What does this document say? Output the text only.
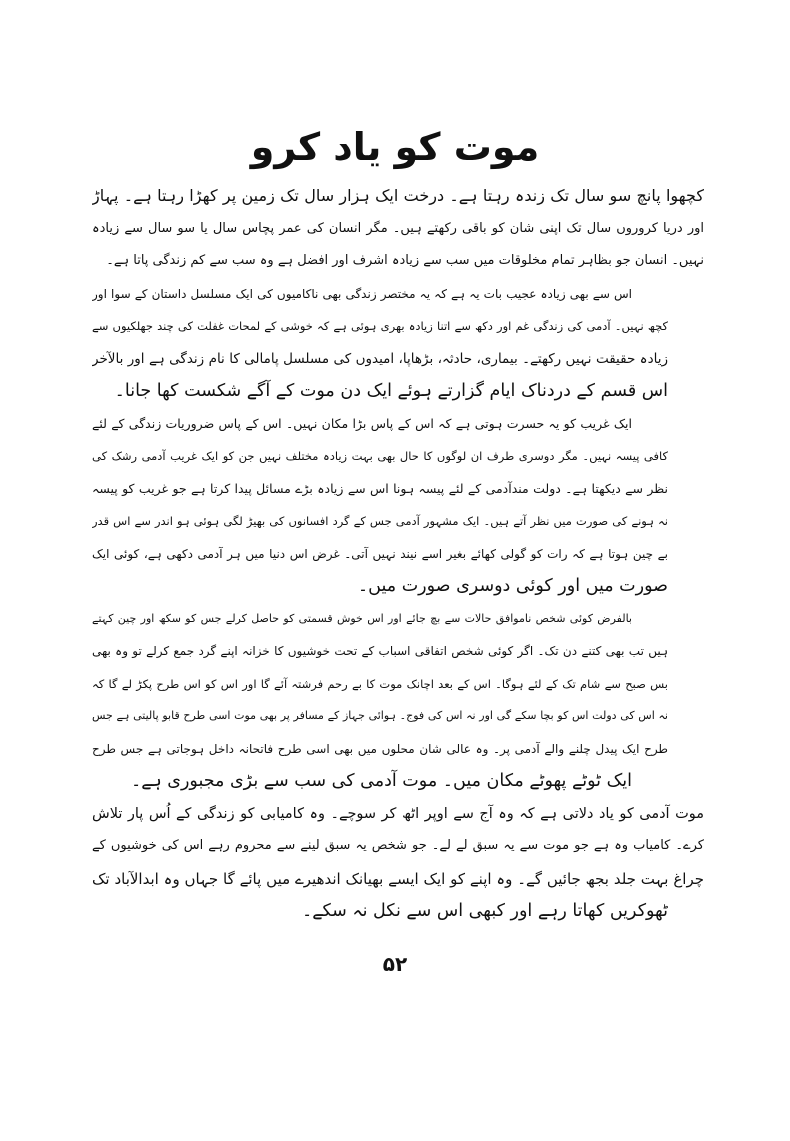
موت کو یاد کرو
کچھوا پانچ سو سال تک زندہ رہتا ہے۔ درخت ایک ہزار سال تک زمین پر کھڑا رہتا ہے۔ پہاڑ
اور دریا کروروں سال تک اپنی شان کو باقی رکھتے ہیں۔ مگر انسان کی عمر پچاس سال یا سو سال سے زیادہ
نہیں۔ انسان جو بظاہر تمام مخلوقات میں سب سے زیادہ اشرف اور افضل ہے وہ سب سے کم زندگی پاتا ہے۔
اس سے بھی زیادہ عجیب بات یہ ہے کہ یہ مختصر زندگی بھی ناکامیوں کی ایک مسلسل داستان کے سوا اور
کچھ نہیں۔ آدمی کی زندگی غم اور دکھ سے اتنا زیادہ بھری ہوئی ہے کہ خوشی کے لمحات غفلت کی چند جھلکیوں سے
زیادہ حقیقت نہیں رکھتے۔ بیماری، حادثہ، بڑھاپا، امیدوں کی مسلسل پامالی کا نام زندگی ہے اور بالآخر
اس قسم کے دردناک ایام گزارتے ہوئے ایک دن موت کے آگے شکست کھا جانا۔
ایک غریب کو یہ حسرت ہوتی ہے کہ اس کے پاس بڑا مکان نہیں۔ اس کے پاس ضروریات زندگی کے لئے
کافی پیسہ نہیں۔ مگر دوسری طرف ان لوگوں کا حال بھی بہت زیادہ مختلف نہیں جن کو ایک غریب آدمی رشک کی
نظر سے دیکھتا ہے۔ دولت مندآدمی کے لئے پیسہ ہونا اس سے زیادہ بڑے مسائل پیدا کرتا ہے جو غریب کو پیسہ
نہ ہونے کی صورت میں نظر آتے ہیں۔ ایک مشہور آدمی جس کے گرد افسانوں کی بھیڑ لگی ہوئی ہو اندر سے اس قدر
بے چین ہوتا ہے کہ رات کو گولی کھائے بغیر اسے نیند نہیں آتی۔ غرض اس دنیا میں ہر آدمی دکھی ہے، کوئی ایک
صورت میں اور کوئی دوسری صورت میں۔
بالفرض کوئی شخص ناموافق حالات سے بچ جائے اور اس خوش قسمتی کو حاصل کرلے جس کو سکھ اور چین کہتے
ہیں تب بھی کتنے دن تک۔ اگر کوئی شخص اتفاقی اسباب کے تحت خوشیوں کا خزانہ اپنے گرد جمع کرلے تو وہ بھی
بس صبح سے شام تک کے لئے ہوگا۔ اس کے بعد اچانک موت کا بے رحم فرشتہ آئے گا اور اس کو اس طرح پکڑ لے گا کہ
نہ اس کی دولت اس کو بچا سکے گی اور نہ اس کی فوج۔ ہوائی جہاز کے مسافر پر بھی موت اسی طرح قابو پالیتی ہے جس
طرح ایک پیدل چلنے والے آدمی پر۔ وہ عالی شان محلوں میں بھی اسی طرح فاتحانہ داخل ہوجاتی ہے جس طرح
ایک ٹوٹے پھوٹے مکان میں۔ موت آدمی کی سب سے بڑی مجبوری ہے۔
موت آدمی کو یاد دلاتی ہے کہ وہ آج سے اوپر اٹھ کر سوچے۔ وہ کامیابی کو زندگی کے اُس پار تلاش
کرے۔ کامیاب وہ ہے جو موت سے یہ سبق لے لے۔ جو شخص یہ سبق لینے سے محروم رہے اس کی خوشیوں کے
چراغ بہت جلد بجھ جائیں گے۔ وہ اپنے کو ایک ایسے بھیانک اندھیرے میں پائے گا جہاں وہ ابدالآباد تک
ٹھوکریں کھاتا رہے اور کبھی اس سے نکل نہ سکے۔
۵۲
